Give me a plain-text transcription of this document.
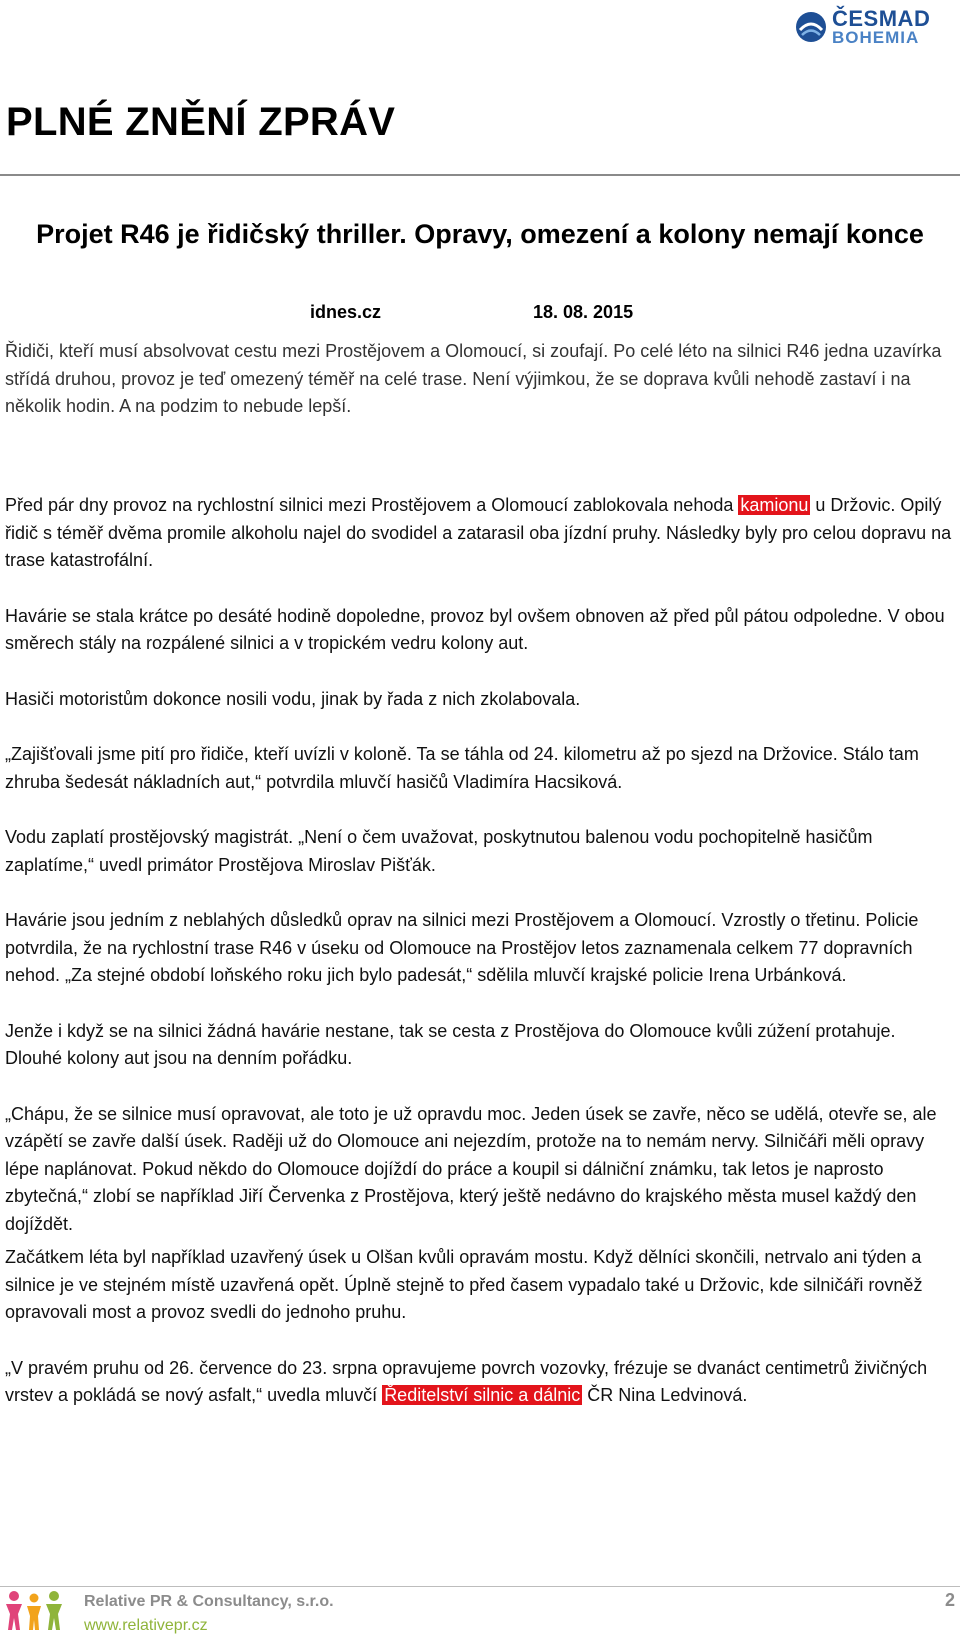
ČESMAD
BOHEMIA
PLNÉ ZNĚNÍ ZPRÁV
Projet R46 je řidičský thriller. Opravy, omezení a kolony nemají konce
idnes.cz	18. 08. 2015

Řidiči, kteří musí absolvovat cestu mezi Prostějovem a Olomoucí, si zoufají. Po celé léto na silnici R46 jedna uzavírka střídá druhou, provoz je teď omezený téměř na celé trase. Není výjimkou, že se doprava kvůli nehodě zastaví i na několik hodin. A na podzim to nebude lepší.

Před pár dny provoz na rychlostní silnici mezi Prostějovem a Olomoucí zablokovala nehoda kamionu u Držovic. Opilý řidič s téměř dvěma promile alkoholu najel do svodidel a zatarasil oba jízdní pruhy. Následky byly pro celou dopravu na trase katastrofální.

Havárie se stala krátce po desáté hodině dopoledne, provoz byl ovšem obnoven až před půl pátou odpoledne. V obou směrech stály na rozpálené silnici a v tropickém vedru kolony aut.

Hasiči motoristům dokonce nosili vodu, jinak by řada z nich zkolabovala.

„Zajišťovali jsme pití pro řidiče, kteří uvízli v koloně. Ta se táhla od 24. kilometru až po sjezd na Držovice. Stálo tam zhruba šedesát nákladních aut,“ potvrdila mluvčí hasičů Vladimíra Hacsiková.

Vodu zaplatí prostějovský magistrát. „Není o čem uvažovat, poskytnutou balenou vodu pochopitelně hasičům zaplatíme,“ uvedl primátor Prostějova Miroslav Pišťák.

Havárie jsou jedním z neblahých důsledků oprav na silnici mezi Prostějovem a Olomoucí. Vzrostly o třetinu. Policie potvrdila, že na rychlostní trase R46 v úseku od Olomouce na Prostějov letos zaznamenala celkem 77 dopravních nehod. „Za stejné období loňského roku jich bylo padesát,“ sdělila mluvčí krajské policie Irena Urbánková.

Jenže i když se na silnici žádná havárie nestane, tak se cesta z Prostějova do Olomouce kvůli zúžení protahuje. Dlouhé kolony aut jsou na denním pořádku.

„Chápu, že se silnice musí opravovat, ale toto je už opravdu moc. Jeden úsek se zavře, něco se udělá, otevře se, ale vzápětí se zavře další úsek. Raději už do Olomouce ani nejezdím, protože na to nemám nervy. Silničáři měli opravy lépe naplánovat. Pokud někdo do Olomouce dojíždí do práce a koupil si dálniční známku, tak letos je naprosto zbytečná,“ zlobí se například Jiří Červenka z Prostějova, který ještě nedávno do krajského města musel každý den dojíždět.

Začátkem léta byl například uzavřený úsek u Olšan kvůli opravám mostu. Když dělníci skončili, netrvalo ani týden a silnice je ve stejném místě uzavřená opět. Úplně stejně to před časem vypadalo také u Držovic, kde silničáři rovněž opravovali most a provoz svedli do jednoho pruhu.

„V pravém pruhu od 26. července do 23. srpna opravujeme povrch vozovky, frézuje se dvanáct centimetrů živičných vrstev a pokládá se nový asfalt,“ uvedla mluvčí Ředitelství silnic a dálnic ČR Nina Ledvinová.

Relative PR & Consultancy, s.r.o.
www.relativepr.cz
2
